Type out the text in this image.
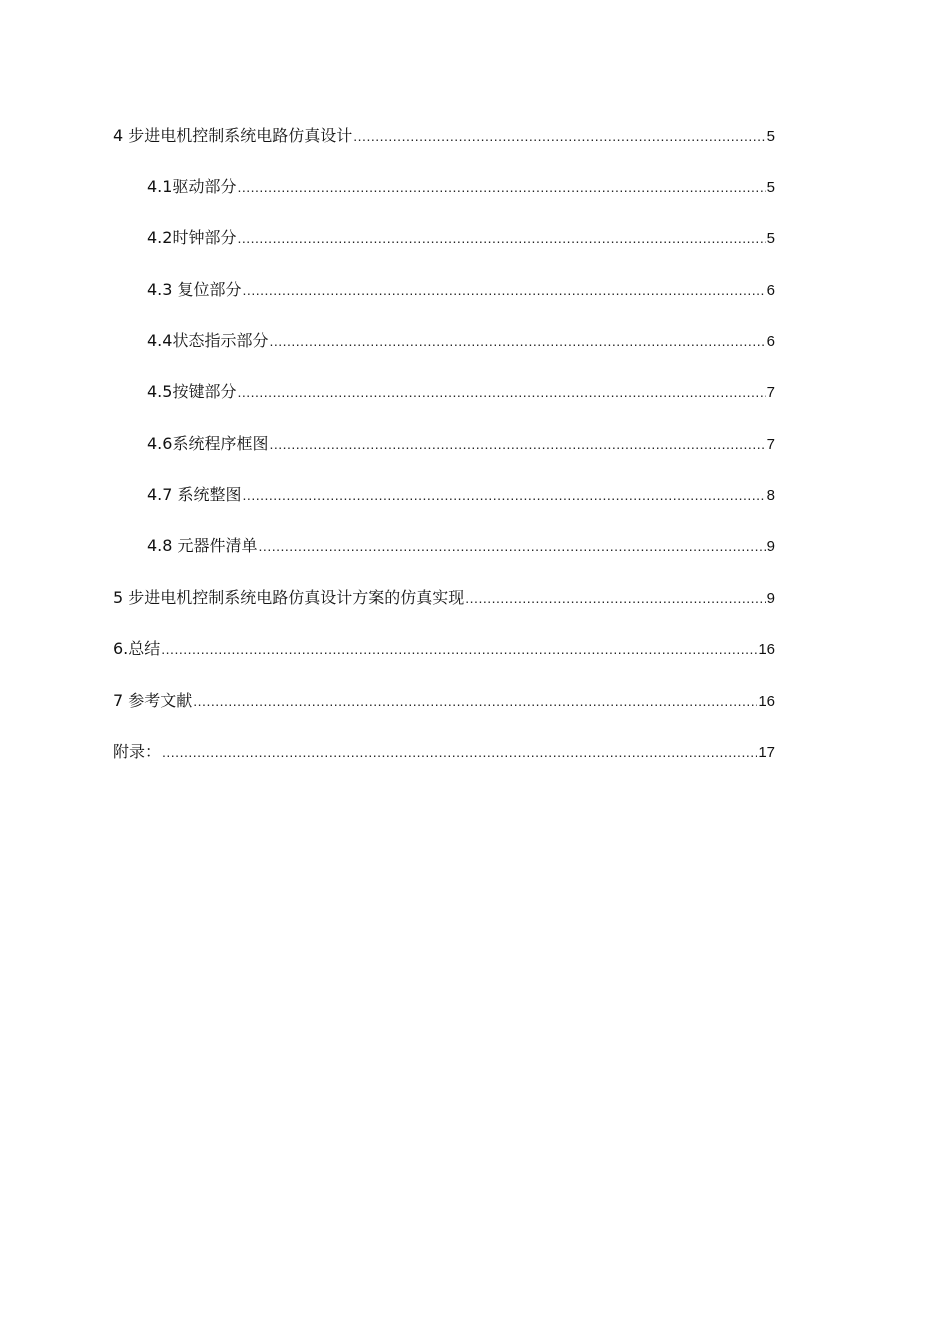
4 步进电机控制系统电路仿真设计 .....	5
4.1驱动部分 .....	5
4.2时钟部分 .....	5
4.3 复位部分 .....	6
4.4状态指示部分 .....	6
4.5按键部分 .....	7
4.6系统程序框图 .....	7
4.7 系统整图 .....	8
4.8 元器件清单 .....	9
5 步进电机控制系统电路仿真设计方案的仿真实现 .....	9
6.总结 .....	16
7 参考文献 .....	16
附录： .....	17
